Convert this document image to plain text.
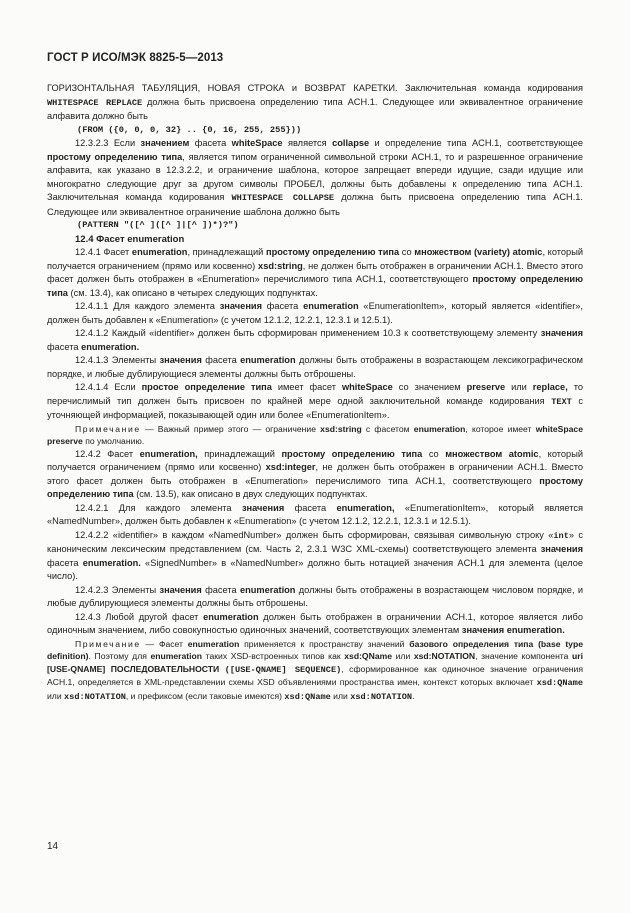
ГОСТ Р ИСО/МЭК 8825-5—2013

ГОРИЗОНТАЛЬНАЯ ТАБУЛЯЦИЯ, НОВАЯ СТРОКА и ВОЗВРАТ КАРЕТКИ. Заключительная команда кодирования WHITESPACE REPLACE должна быть присвоена определению типа ACH.1. Следующее или эквивалентное ограничение алфавита должно быть

(FROM ({0, 0, 0, 32} .. {0, 16, 255, 255}))

12.3.2.3 Если значением фасета whiteSpace является collapse и определение типа ACH.1, соответствующее простому определению типа, является типом ограниченной символьной строки ACH.1, то и разрешенное ограничение алфавита, как указано в 12.3.2.2, и ограничение шаблона, которое запрещает впереди идущие, сзади идущие или многократно следующие друг за другом символы ПРОБЕЛ, должны быть добавлены к определению типа ACH.1. Заключительная команда кодирования WHITESPACE COLLAPSE должна быть присвоена определению типа ACH.1. Следующее или эквивалентное ограничение шаблона должно быть

(PATTERN "([^ ]([^ ]|[^ ])*)?")

12.4 Фасет enumeration

12.4.1 Фасет enumeration, принадлежащий простому определению типа со множеством (variety) atomic, который получается ограничением (прямо или косвенно) xsd:string, не должен быть отображен в ограничении ACH.1. Вместо этого фасет должен быть отображен в «Enumeration» перечислимого типа ACH.1, соответствующего простому определению типа (см. 13.4), как описано в четырех следующих подпунктах.

12.4.1.1 Для каждого элемента значения фасета enumeration «EnumerationItem», который является «identifier», должен быть добавлен к «Enumeration» (с учетом 12.1.2, 12.2.1, 12.3.1 и 12.5.1).

12.4.1.2 Каждый «identifier» должен быть сформирован применением 10.3 к соответствующему элементу значения фасета enumeration.

12.4.1.3 Элементы значения фасета enumeration должны быть отображены в возрастающем лексикографическом порядке, и любые дублирующиеся элементы должны быть отброшены.

12.4.1.4 Если простое определение типа имеет фасет whiteSpace со значением preserve или replace, то перечислимый тип должен быть присвоен по крайней мере одной заключительной команде кодирования TEXT с уточняющей информацией, показывающей один или более «EnumerationItem».

Примечание — Важный пример этого — ограничение xsd:string с фасетом enumeration, которое имеет whiteSpace preserve по умолчанию.

12.4.2 Фасет enumeration, принадлежащий простому определению типа со множеством atomic, который получается ограничением (прямо или косвенно) xsd:integer, не должен быть отображен в ограничении ACH.1. Вместо этого фасет должен быть отображен в «Enumeration» перечислимого типа ACH.1, соответствующего простому определению типа (см. 13.5), как описано в двух следующих подпунктах.

12.4.2.1 Для каждого элемента значения фасета enumeration, «EnumerationItem», который является «NamedNumber», должен быть добавлен к «Enumeration» (с учетом 12.1.2, 12.2.1, 12.3.1 и 12.5.1).

12.4.2.2 «identifier» в каждом «NamedNumber» должен быть сформирован, связывая символьную строку «int» с каноническим лексическим представлением (см. Часть 2, 2.3.1 W3C XML-схемы) соответствующего элемента значения фасета enumeration. «SignedNumber» в «NamedNumber» должно быть нотацией значения ACH.1 для элемента (целое число).

12.4.2.3 Элементы значения фасета enumeration должны быть отображены в возрастающем числовом порядке, и любые дублирующиеся элементы должны быть отброшены.

12.4.3 Любой другой фасет enumeration должен быть отображен в ограничении ACH.1, которое является либо одиночным значением, либо совокупностью одиночных значений, соответствующих элементам значения enumeration.

Примечание — Фасет enumeration применяется к пространству значений базового определения типа (base type definition). Поэтому для enumeration таких XSD-встроенных типов как xsd:QName или xsd:NOTATION, значение компонента uri [USE-QNAME] ПОСЛЕДОВАТЕЛЬНОСТИ ([USE-QNAME] SEQUENCE), сформированное как одиночное значение ограничения ACH.1, определяется в XML-представлении схемы XSD объявлениями пространства имен, контекст которых включает xsd:QName или xsd:NOTATION, и префиксом (если таковые имеются) xsd:QName или xsd:NOTATION.

14
